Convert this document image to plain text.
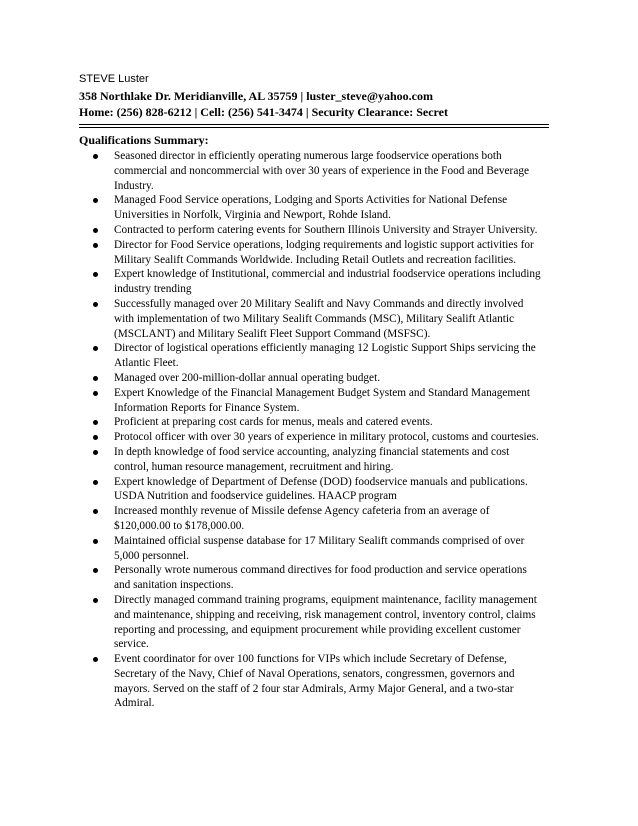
STEVE Luster
358 Northlake Dr. Meridianville, AL 35759 | luster_steve@yahoo.com
Home: (256) 828-6212 | Cell: (256) 541-3474 | Security Clearance: Secret
Qualifications Summary:
Seasoned director in efficiently operating numerous large foodservice operations both commercial and noncommercial with over 30 years of experience in the Food and Beverage Industry.
Managed Food Service operations, Lodging and Sports Activities for National Defense Universities in Norfolk, Virginia and Newport, Rohde Island.
Contracted to perform catering events for Southern Illinois University and Strayer University.
Director for Food Service operations, lodging requirements and logistic support activities for Military Sealift Commands Worldwide. Including Retail Outlets and recreation facilities.
Expert knowledge of Institutional, commercial and industrial foodservice operations including industry trending
Successfully managed over 20 Military Sealift and Navy Commands and directly involved with implementation of two Military Sealift Commands (MSC), Military Sealift Atlantic (MSCLANT) and Military Sealift Fleet Support Command (MSFSC).
Director of logistical operations efficiently managing 12 Logistic Support Ships servicing the Atlantic Fleet.
Managed over 200-million-dollar annual operating budget.
Expert Knowledge of the Financial Management Budget System and Standard Management Information Reports for Finance System.
Proficient at preparing cost cards for menus, meals and catered events.
Protocol officer with over 30 years of experience in military protocol, customs and courtesies.
In depth knowledge of food service accounting, analyzing financial statements and cost control, human resource management, recruitment and hiring.
Expert knowledge of Department of Defense (DOD) foodservice manuals and publications. USDA Nutrition and foodservice guidelines. HAACP program
Increased monthly revenue of Missile defense Agency cafeteria from an average of $120,000.00 to $178,000.00.
Maintained official suspense database for 17 Military Sealift commands comprised of over 5,000 personnel.
Personally wrote numerous command directives for food production and service operations and sanitation inspections.
Directly managed command training programs, equipment maintenance, facility management and maintenance, shipping and receiving, risk management control, inventory control, claims reporting and processing, and equipment procurement while providing excellent customer service.
Event coordinator for over 100 functions for VIPs which include Secretary of Defense, Secretary of the Navy, Chief of Naval Operations, senators, congressmen, governors and mayors. Served on the staff of 2 four star Admirals, Army Major General, and a two-star Admiral.
